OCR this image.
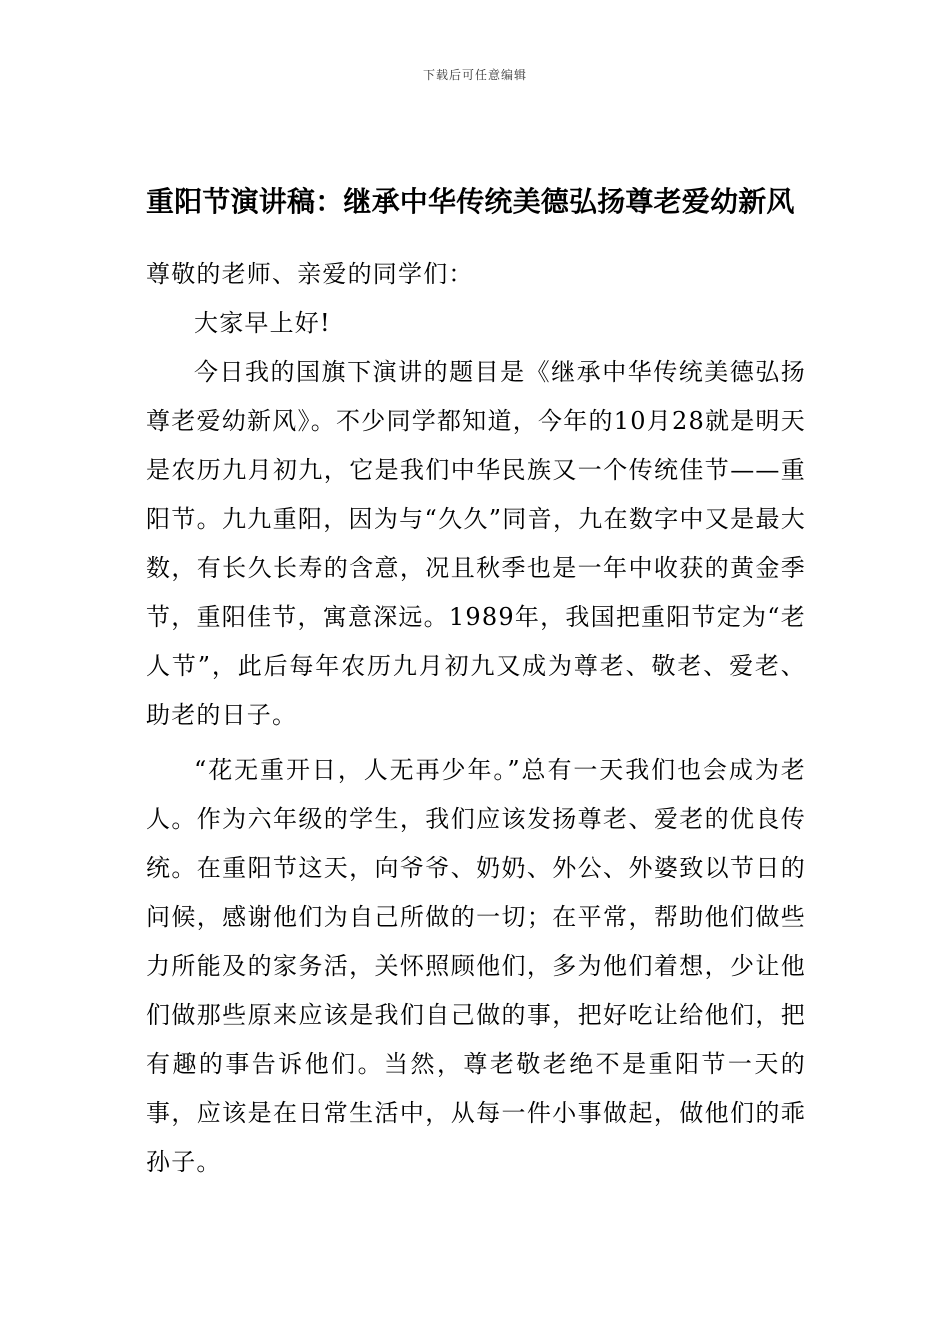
下载后可任意编辑
重阳节演讲稿：继承中华传统美德弘扬尊老爱幼新风

尊敬的老师、亲爱的同学们：

大家早上好!

今日我的国旗下演讲的题目是《继承中华传统美德弘扬尊老爱幼新风》。不少同学都知道，今年的10月28就是明天是农历九月初九，它是我们中华民族又一个传统佳节——重阳节。九九重阳，因为与“久久”同音，九在数字中又是最大数，有长久长寿的含意，况且秋季也是一年中收获的黄金季节，重阳佳节，寓意深远。1989年，我国把重阳节定为“老人节”，此后每年农历九月初九又成为尊老、敬老、爱老、助老的日子。

“花无重开日，人无再少年。”总有一天我们也会成为老人。作为六年级的学生，我们应该发扬尊老、爱老的优良传统。在重阳节这天，向爷爷、奶奶、外公、外婆致以节日的问候，感谢他们为自己所做的一切；在平常，帮助他们做些力所能及的家务活，关怀照顾他们，多为他们着想，少让他们做那些原来应该是我们自己做的事，把好吃让给他们，把有趣的事告诉他们。当然，尊老敬老绝不是重阳节一天的事，应该是在日常生活中，从每一件小事做起，做他们的乖孙子。
